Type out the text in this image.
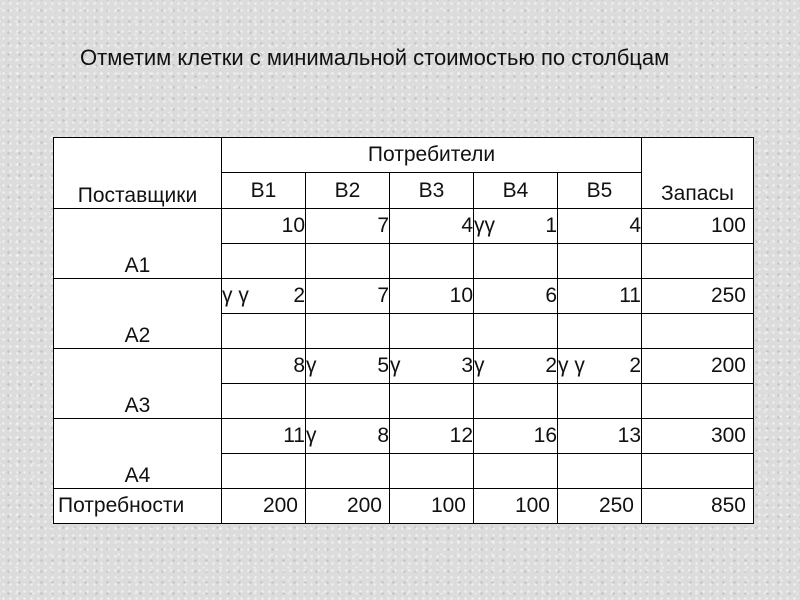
Отметим клетки с минимальной стоимостью по столбцам
Поставщики	Потребители					Запасы
	B1	B2	B3	B4	B5	
A1	10	7	4	γγ 1	4	100

A2	γ γ 2	7	10	6	11	250

A3	8	γ 5	γ 3	γ 2	γ γ 2	200

A4	11	γ 8	12	16	13	300

Потребности	200	200	100	100	250	850
